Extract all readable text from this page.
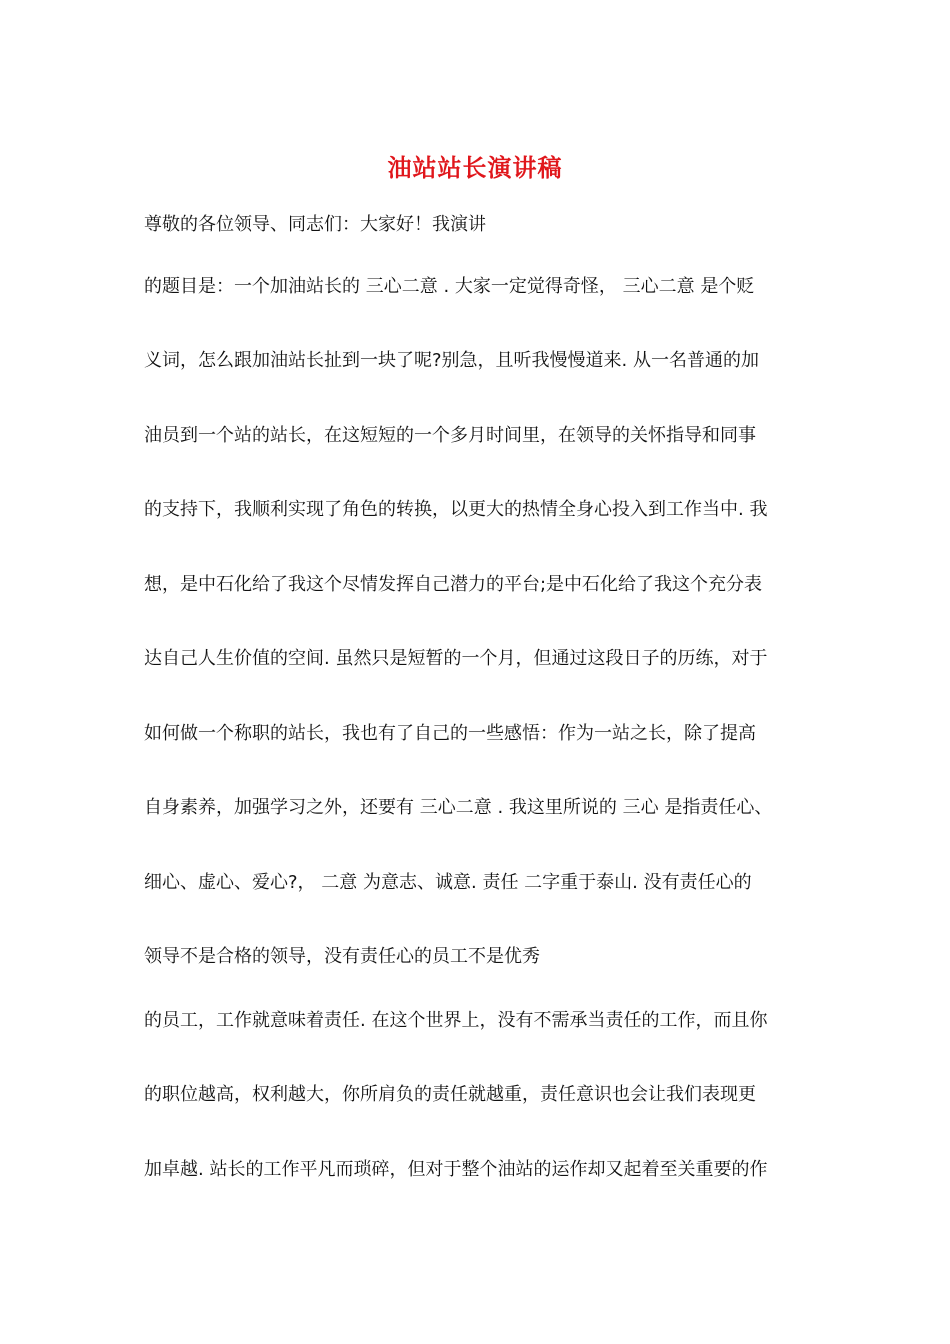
油站站长演讲稿
尊敬的各位领导、同志们：大家好！我演讲
的题目是：一个加油站长的 三心二意 . 大家一定觉得奇怪， 三心二意 是个贬
义词，怎么跟加油站长扯到一块了呢?别急，且听我慢慢道来. 从一名普通的加
油员到一个站的站长，在这短短的一个多月时间里，在领导的关怀指导和同事
的支持下，我顺利实现了角色的转换，以更大的热情全身心投入到工作当中. 我
想，是中石化给了我这个尽情发挥自己潜力的平台;是中石化给了我这个充分表
达自己人生价值的空间. 虽然只是短暂的一个月，但通过这段日子的历练，对于
如何做一个称职的站长，我也有了自己的一些感悟：作为一站之长，除了提高
自身素养，加强学习之外，还要有 三心二意 . 我这里所说的 三心 是指责任心、
细心、虚心、爱心?， 二意 为意志、诚意. 责任 二字重于泰山. 没有责任心的
领导不是合格的领导，没有责任心的员工不是优秀
的员工，工作就意味着责任. 在这个世界上，没有不需承当责任的工作，而且你
的职位越高，权利越大，你所肩负的责任就越重，责任意识也会让我们表现更
加卓越. 站长的工作平凡而琐碎，但对于整个油站的运作却又起着至关重要的作
